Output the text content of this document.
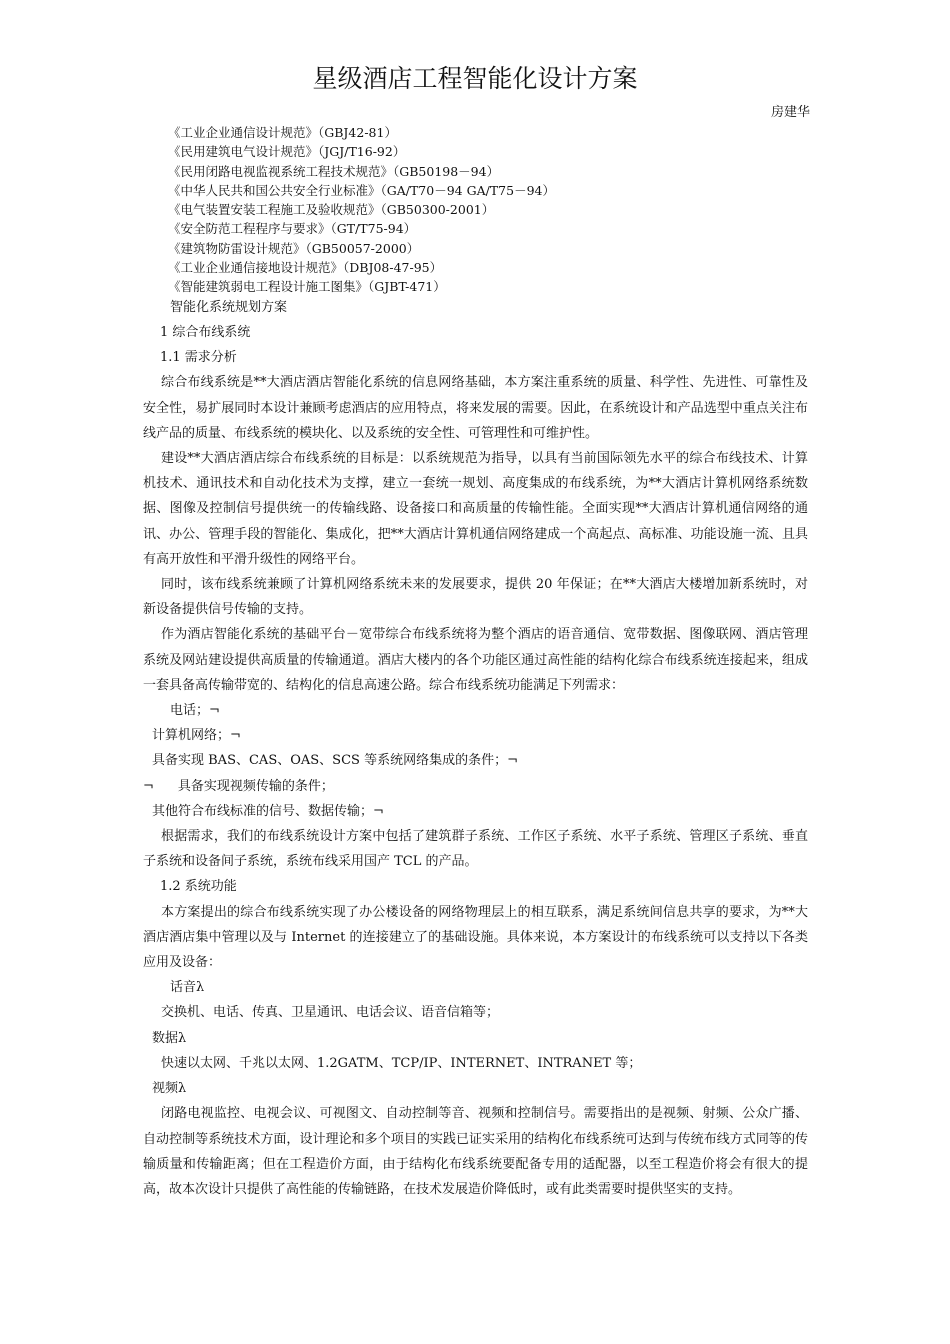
星级酒店工程智能化设计方案
房建华
《工业企业通信设计规范》（GBJ42-81）
《民用建筑电气设计规范》（JGJ/T16-92）
《民用闭路电视监视系统工程技术规范》（GB50198－94）
《中华人民共和国公共安全行业标准》（GA/T70－94 GA/T75－94）
《电气装置安装工程施工及验收规范》（GB50300-2001）
《安全防范工程程序与要求》（GT/T75-94）
《建筑物防雷设计规范》（GB50057-2000）
《工业企业通信接地设计规范》（DBJ08-47-95）
《智能建筑弱电工程设计施工图集》（GJBT-471）
智能化系统规划方案

1 综合布线系统

1.1 需求分析

综合布线系统是**大酒店酒店智能化系统的信息网络基础，本方案注重系统的质量、科学性、先进性、可靠性及安全性，易扩展同时本设计兼顾考虑酒店的应用特点，将来发展的需要。因此，在系统设计和产品选型中重点关注布线产品的质量、布线系统的模块化、以及系统的安全性、可管理性和可维护性。

建设**大酒店酒店综合布线系统的目标是：以系统规范为指导，以具有当前国际领先水平的综合布线技术、计算机技术、通讯技术和自动化技术为支撑，建立一套统一规划、高度集成的布线系统，为**大酒店计算机网络系统数据、图像及控制信号提供统一的传输线路、设备接口和高质量的传输性能。全面实现**大酒店计算机通信网络的通讯、办公、管理手段的智能化、集成化，把**大酒店计算机通信网络建成一个高起点、高标准、功能设施一流、且具有高开放性和平滑升级性的网络平台。

同时，该布线系统兼顾了计算机网络系统未来的发展要求，提供 20 年保证；在**大酒店大楼增加新系统时，对新设备提供信号传输的支持。

作为酒店智能化系统的基础平台－宽带综合布线系统将为整个酒店的语音通信、宽带数据、图像联网、酒店管理系统及网站建设提供高质量的传输通道。酒店大楼内的各个功能区通过高性能的结构化综合布线系统连接起来，组成一套具备高传输带宽的、结构化的信息高速公路。综合布线系统功能满足下列需求：

电话；¬

计算机网络；¬

具备实现 BAS、CAS、OAS、SCS 等系统网络集成的条件；¬

¬ 具备实现视频传输的条件；

其他符合布线标准的信号、数据传输；¬

根据需求，我们的布线系统设计方案中包括了建筑群子系统、工作区子系统、水平子系统、管理区子系统、垂直子系统和设备间子系统，系统布线采用国产 TCL 的产品。

1.2 系统功能

本方案提出的综合布线系统实现了办公楼设备的网络物理层上的相互联系，满足系统间信息共享的要求，为**大酒店酒店集中管理以及与 Internet 的连接建立了的基础设施。具体来说，本方案设计的布线系统可以支持以下各类应用及设备：

话音λ

交换机、电话、传真、卫星通讯、电话会议、语音信箱等；

数据λ

快速以太网、千兆以太网、1.2GATM、TCP/IP、INTERNET、INTRANET 等；

视频λ

闭路电视监控、电视会议、可视图文、自动控制等音、视频和控制信号。需要指出的是视频、射频、公众广播、自动控制等系统技术方面，设计理论和多个项目的实践已证实采用的结构化布线系统可达到与传统布线方式同等的传输质量和传输距离；但在工程造价方面，由于结构化布线系统要配备专用的适配器，以至工程造价将会有很大的提高，故本次设计只提供了高性能的传输链路，在技术发展造价降低时，或有此类需要时提供坚实的支持。
